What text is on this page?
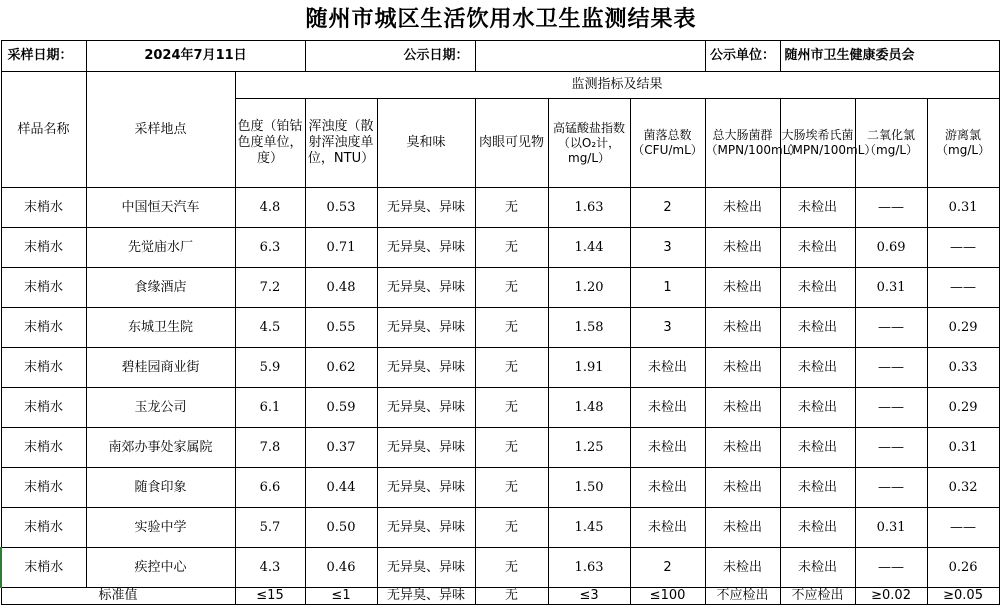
随州市城区生活饮用水卫生监测结果表
采样日期：	2024年7月11日		公示日期：					公示单位：	随州市卫生健康委员会		
样品名称	采样地点	监测指标及结果									
		色度（铂钴色度单位，度）	浑浊度（散射浑浊度单位，NTU）	臭和味	肉眼可见物	高锰酸盐指数（以O₂计，mg/L）	菌落总数（CFU/mL）	总大肠菌群（MPN/100mL）	大肠埃希氏菌（MPN/100mL）	二氧化氯（mg/L）	游离氯（mg/L）
末梢水	中国恒天汽车	4.8	0.53	无异臭、异味	无	1.63	2	未检出	未检出	——	0.31
末梢水	先觉庙水厂	6.3	0.71	无异臭、异味	无	1.44	3	未检出	未检出	0.69	——
末梢水	食缘酒店	7.2	0.48	无异臭、异味	无	1.20	1	未检出	未检出	0.31	——
末梢水	东城卫生院	4.5	0.55	无异臭、异味	无	1.58	3	未检出	未检出	——	0.29
末梢水	碧桂园商业街	5.9	0.62	无异臭、异味	无	1.91	未检出	未检出	未检出	——	0.33
末梢水	玉龙公司	6.1	0.59	无异臭、异味	无	1.48	未检出	未检出	未检出	——	0.29
末梢水	南郊办事处家属院	7.8	0.37	无异臭、异味	无	1.25	未检出	未检出	未检出	——	0.31
末梢水	随食印象	6.6	0.44	无异臭、异味	无	1.50	未检出	未检出	未检出	——	0.32
末梢水	实验中学	5.7	0.50	无异臭、异味	无	1.45	未检出	未检出	未检出	0.31	——
末梢水	疾控中心	4.3	0.46	无异臭、异味	无	1.63	2	未检出	未检出	——	0.26
标准值		≤15	≤1	无异臭、异味	无	≤3	≤100	不应检出	不应检出	≥0.02	≥0.05
